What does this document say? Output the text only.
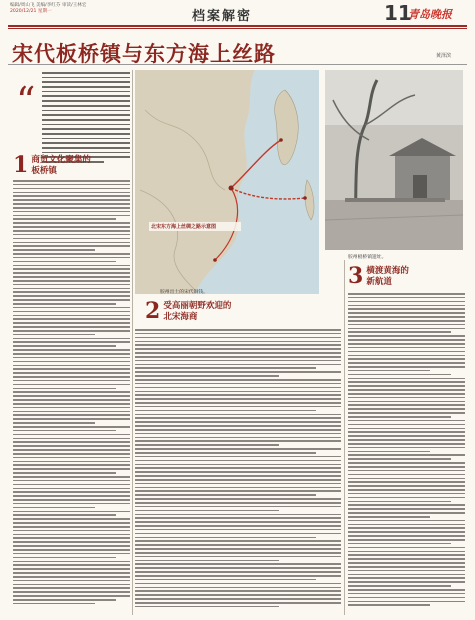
编辑/周山飞 美编/李红芬 审读/王林宏
2020/12/21 星期一	档案解密	11
青岛晚报
宋代板桥镇与东方海上丝路	黄泽滨
“
1 商贸文化聚集的
板桥镇
北宋东方海上丝绸之路示意图
胶州出土的宋代铜钱。
胶州板桥镇遗址。
3 横渡黄海的
新航道
2 受高丽朝野欢迎的
北宋海商
